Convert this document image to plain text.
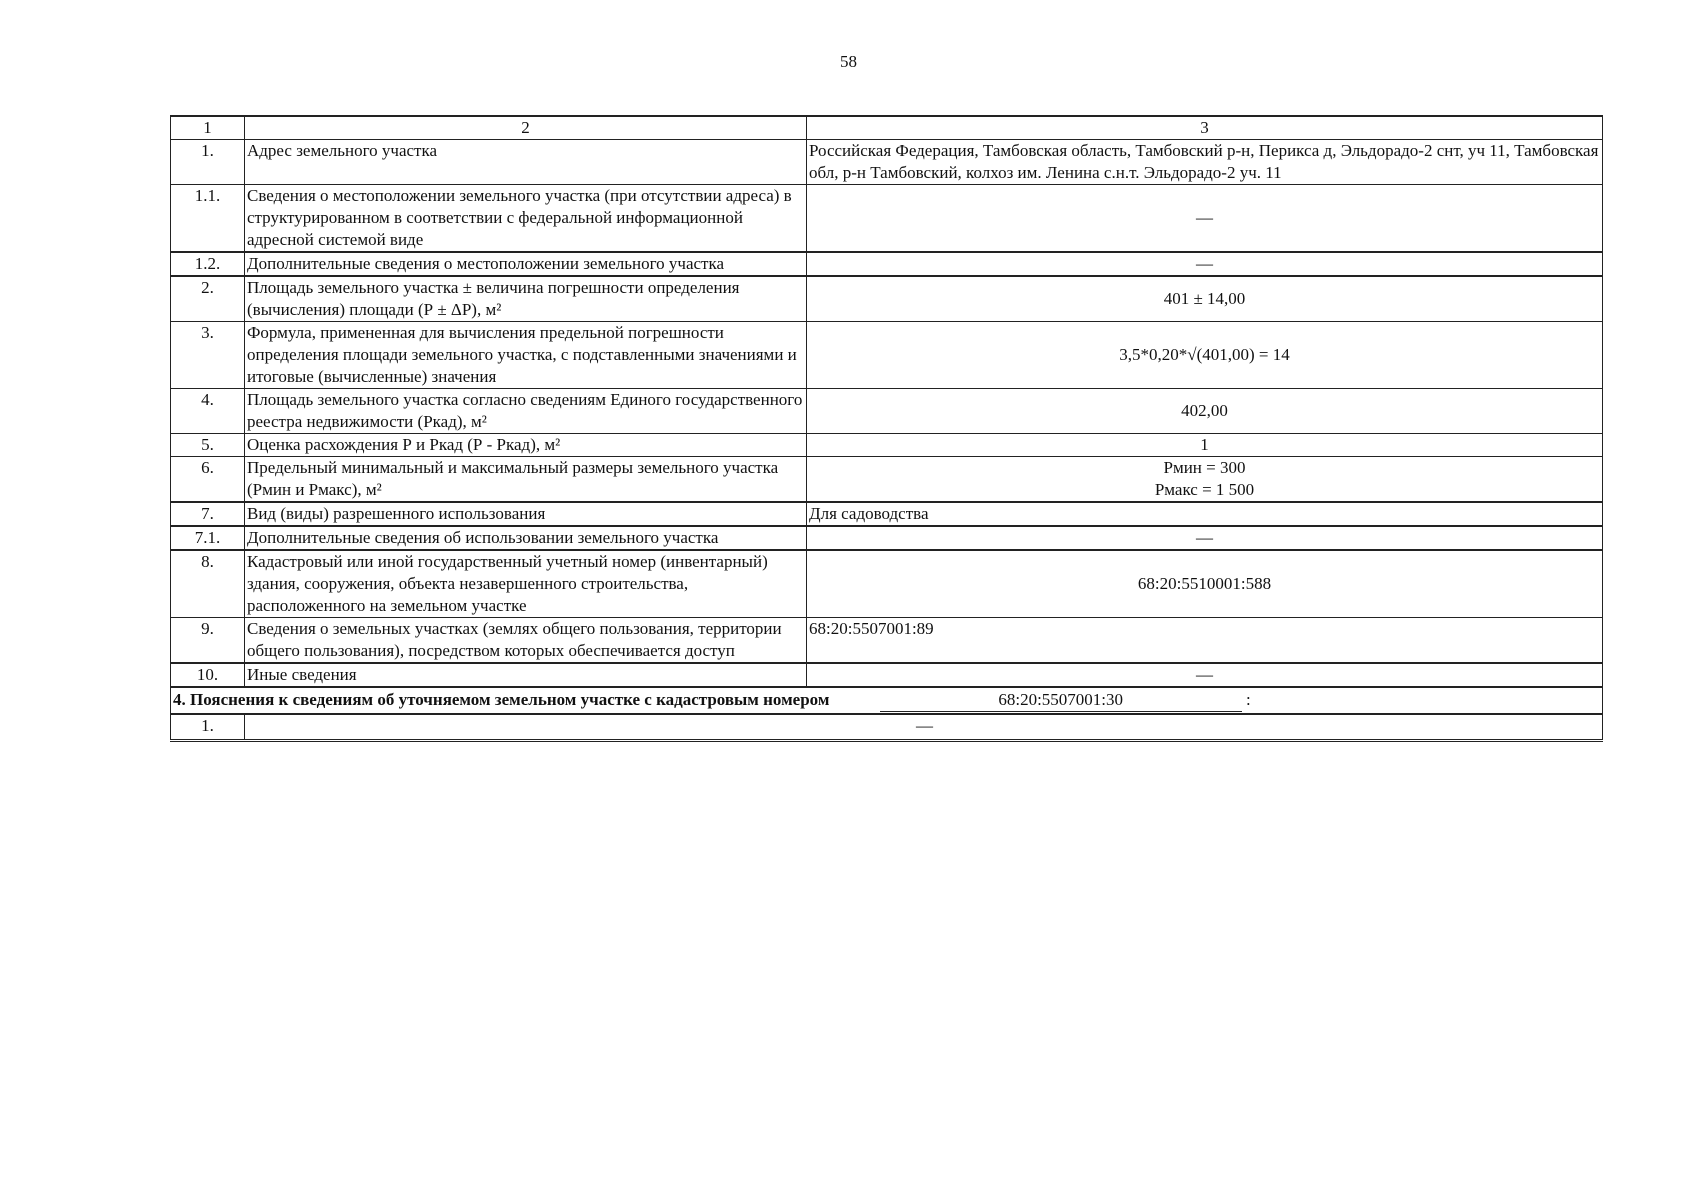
58
1	2	3
1.	Адрес земельного участка	Российская Федерация, Тамбовская область, Тамбовский р-н, Перикса д, Эльдорадо-2 снт, уч 11, Тамбовская обл, р-н Тамбовский, колхоз им. Ленина с.н.т. Эльдорадо-2 уч. 11
1.1.	Сведения о местоположении земельного участка (при отсутствии адреса) в структурированном в соответствии с федеральной информационной адресной системой виде	—
1.2.	Дополнительные сведения о местоположении земельного участка	—
2.	Площадь земельного участка ± величина погрешности определения (вычисления) площади (Р ± ΔР), м²	401 ± 14,00
3.	Формула, примененная для вычисления предельной погрешности определения площади земельного участка, с подставленными значениями и итоговые (вычисленные) значения	3,5*0,20*√(401,00) = 14
4.	Площадь земельного участка согласно сведениям Единого государственного реестра недвижимости (Ркад), м²	402,00
5.	Оценка расхождения Р и Ркад (Р - Ркад), м²	1
6.	Предельный минимальный и максимальный размеры земельного участка (Рмин и Рмакс), м²	Рмин = 300
Рмакс = 1 500

7.	Вид (виды) разрешенного использования	Для садоводства
7.1.	Дополнительные сведения об использовании земельного участка	—
8.	Кадастровый или иной государственный учетный номер (инвентарный) здания, сооружения, объекта незавершенного строительства, расположенного на земельном участке	68:20:5510001:588
9.	Сведения о земельных участках (землях общего пользования, территории общего пользования), посредством которых обеспечивается доступ	68:20:5507001:89
10.	Иные сведения	—
4. Пояснения к сведениям об уточняемом земельном участке с кадастровым номером 68:20:5507001:30 :		
1.	—	
